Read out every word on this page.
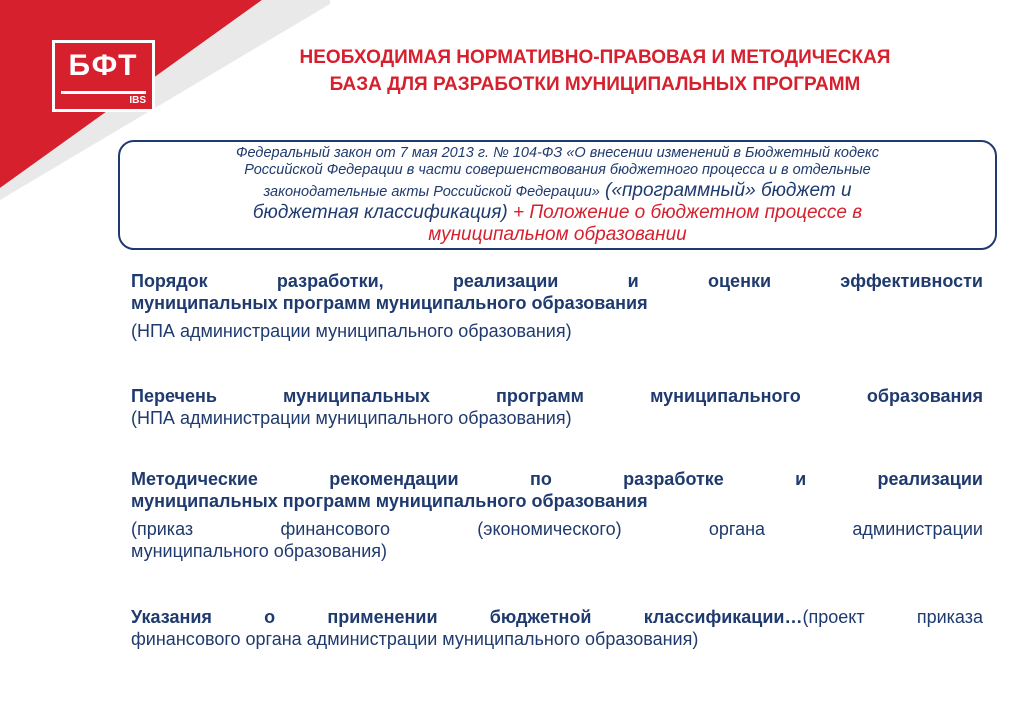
БФТ
IBS
НЕОБХОДИМАЯ НОРМАТИВНО-ПРАВОВАЯ И МЕТОДИЧЕСКАЯ
БАЗА ДЛЯ РАЗРАБОТКИ МУНИЦИПАЛЬНЫХ ПРОГРАММ
Федеральный закон от 7 мая 2013 г. № 104-ФЗ «О внесении изменений в Бюджетный кодекс
Российской Федерации в части совершенствования бюджетного процесса и в отдельные
законодательные акты Российской Федерации» («программный» бюджет и
бюджетная классификация) + Положение о бюджетном процессе в
муниципальном образовании
Порядок разработки, реализации и оценки эффективности
муниципальных программ муниципального образования
(НПА администрации муниципального образования)
Перечень муниципальных программ муниципального образования
(НПА администрации муниципального образования)
Методические рекомендации по разработке и реализации
муниципальных программ муниципального образования
(приказ финансового (экономического) органа администрации
муниципального образования)
Указания о применении бюджетной классификации…(проект приказа
финансового органа администрации муниципального образования)
